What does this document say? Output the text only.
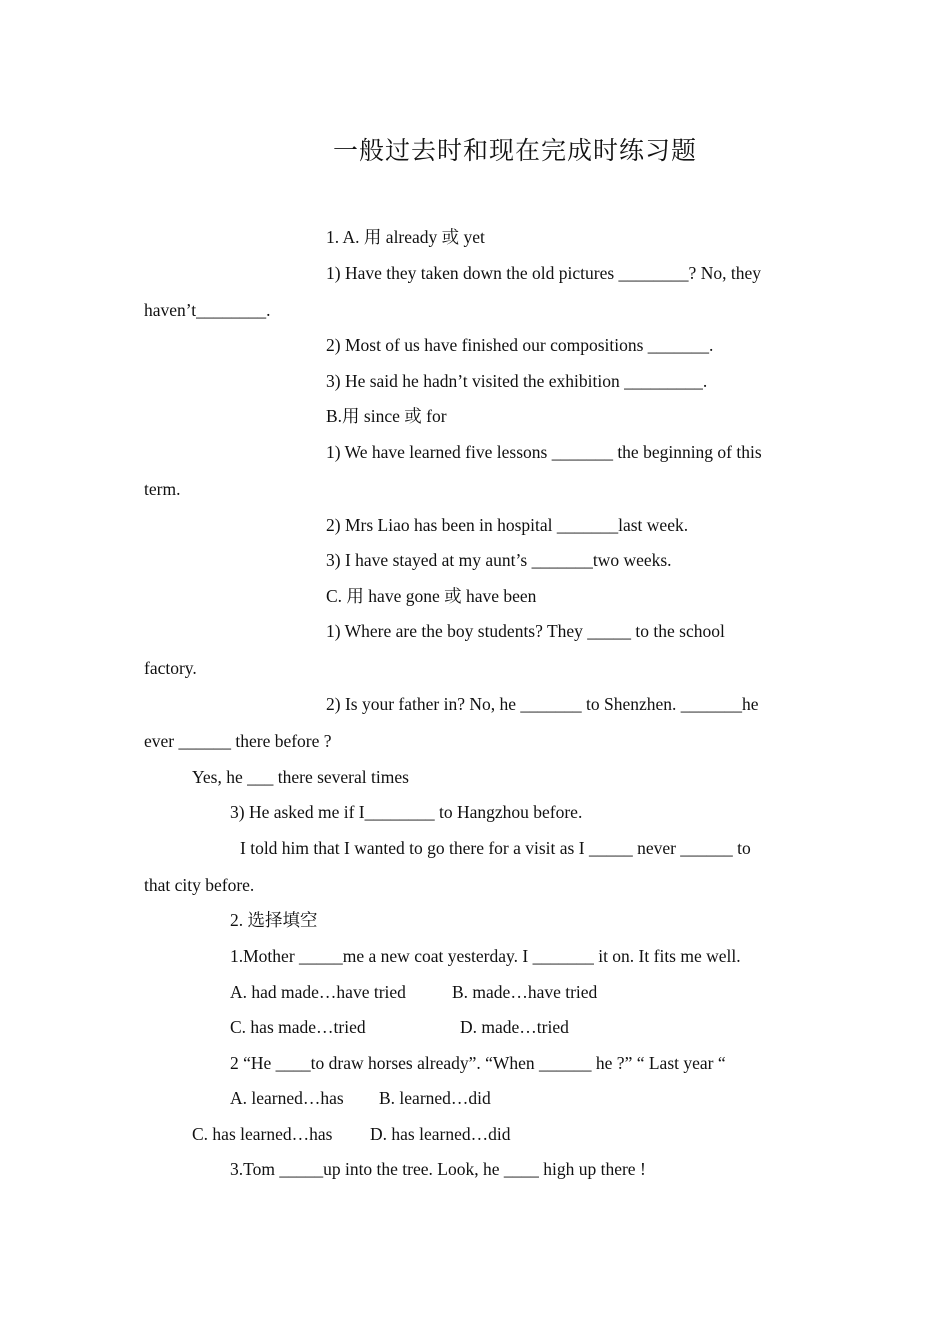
一般过去时和现在完成时练习题
1. A. 用 already 或 yet
1) Have they taken down the old pictures ________? No, they
haven’t________.
2) Most of us have finished our compositions _______.
3) He said he hadn’t visited the exhibition _________.
B.用 since 或 for
1) We have learned five lessons _______ the beginning of this
term.
2) Mrs Liao has been in hospital _______last week.
3) I have stayed at my aunt’s _______two weeks.
C. 用 have gone 或 have been
1) Where are the boy students? They _____ to the school
factory.
2) Is your father in? No, he _______ to Shenzhen. _______he
ever ______ there before ?
Yes, he ___ there several times
3) He asked me if I________ to Hangzhou before.
I told him that I wanted to go there for a visit as I _____ never ______ to
that city before.
2. 选择填空
1.Mother _____me a new coat yesterday. I _______ it on. It fits me well.
A. had made…have tried	B. made…have tried
C. has made…tried	D. made…tried
2 “He ____to draw horses already”. “When ______ he ?” “ Last year “
A. learned…has B. learned…did
C. has learned…has D. has learned…did
3.Tom _____up into the tree. Look, he ____ high up there !
